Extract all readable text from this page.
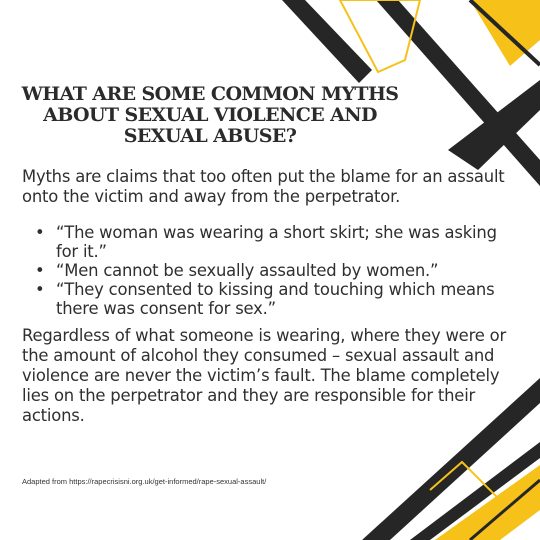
WHAT ARE SOME COMMON MYTHS
ABOUT SEXUAL VIOLENCE AND
SEXUAL ABUSE?

Myths are claims that too often put the blame for an assault onto the victim and away from the perpetrator.

• “The woman was wearing a short skirt; she was asking for it.”
• “Men cannot be sexually assaulted by women.”
• “They consented to kissing and touching which means there was consent for sex.”

Regardless of what someone is wearing, where they were or the amount of alcohol they consumed – sexual assault and violence are never the victim’s fault. The blame completely lies on the perpetrator and they are responsible for their actions.

Adapted from https://rapecrisisni.org.uk/get-informed/rape-sexual-assault/
